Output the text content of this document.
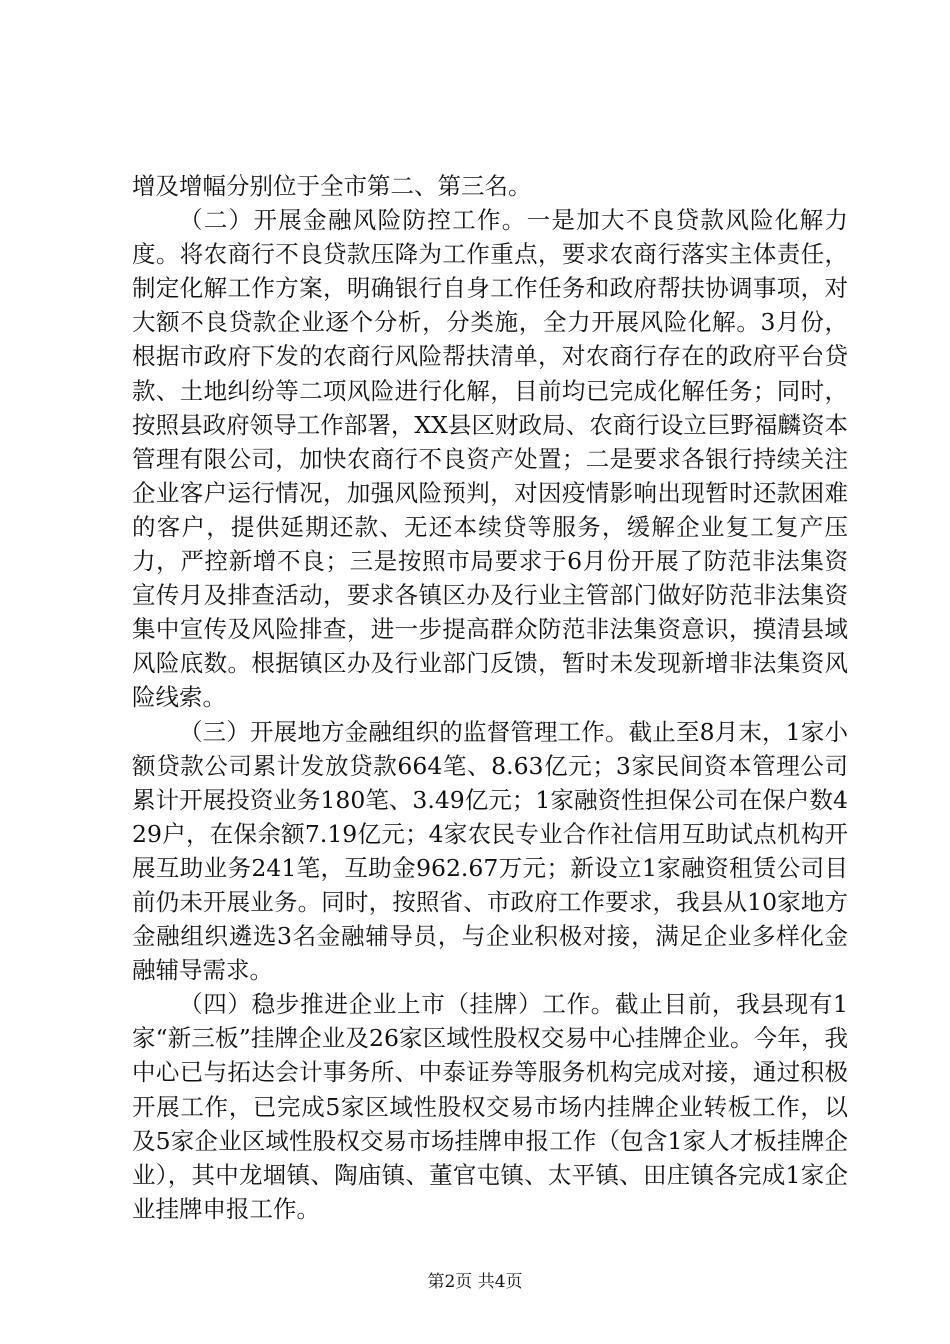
增及增幅分别位于全市第二、第三名。

（二）开展金融风险防控工作。一是加大不良贷款风险化解力度。将农商行不良贷款压降为工作重点，要求农商行落实主体责任，制定化解工作方案，明确银行自身工作任务和政府帮扶协调事项，对大额不良贷款企业逐个分析，分类施，全力开展风险化解。3月份，根据市政府下发的农商行风险帮扶清单，对农商行存在的政府平台贷款、土地纠纷等二项风险进行化解，目前均已完成化解任务；同时，按照县政府领导工作部署，XX县区财政局、农商行设立巨野福麟资本管理有限公司，加快农商行不良资产处置；二是要求各银行持续关注企业客户运行情况，加强风险预判，对因疫情影响出现暂时还款困难的客户，提供延期还款、无还本续贷等服务，缓解企业复工复产压力，严控新增不良；三是按照市局要求于6月份开展了防范非法集资宣传月及排查活动，要求各镇区办及行业主管部门做好防范非法集资集中宣传及风险排查，进一步提高群众防范非法集资意识，摸清县域风险底数。根据镇区办及行业部门反馈，暂时未发现新增非法集资风险线索。

（三）开展地方金融组织的监督管理工作。截止至8月末，1家小额贷款公司累计发放贷款664笔、8.63亿元；3家民间资本管理公司累计开展投资业务180笔、3.49亿元；1家融资性担保公司在保户数429户，在保余额7.19亿元；4家农民专业合作社信用互助试点机构开展互助业务241笔，互助金962.67万元；新设立1家融资租赁公司目前仍未开展业务。同时，按照省、市政府工作要求，我县从10家地方金融组织遴选3名金融辅导员，与企业积极对接，满足企业多样化金融辅导需求。

（四）稳步推进企业上市（挂牌）工作。截止目前，我县现有1家“新三板”挂牌企业及26家区域性股权交易中心挂牌企业。今年，我中心已与拓达会计事务所、中泰证券等服务机构完成对接，通过积极开展工作，已完成5家区域性股权交易市场内挂牌企业转板工作，以及5家企业区域性股权交易市场挂牌申报工作（包含1家人才板挂牌企业），其中龙堌镇、陶庙镇、董官屯镇、太平镇、田庄镇各完成1家企业挂牌申报工作。

第2页 共4页
